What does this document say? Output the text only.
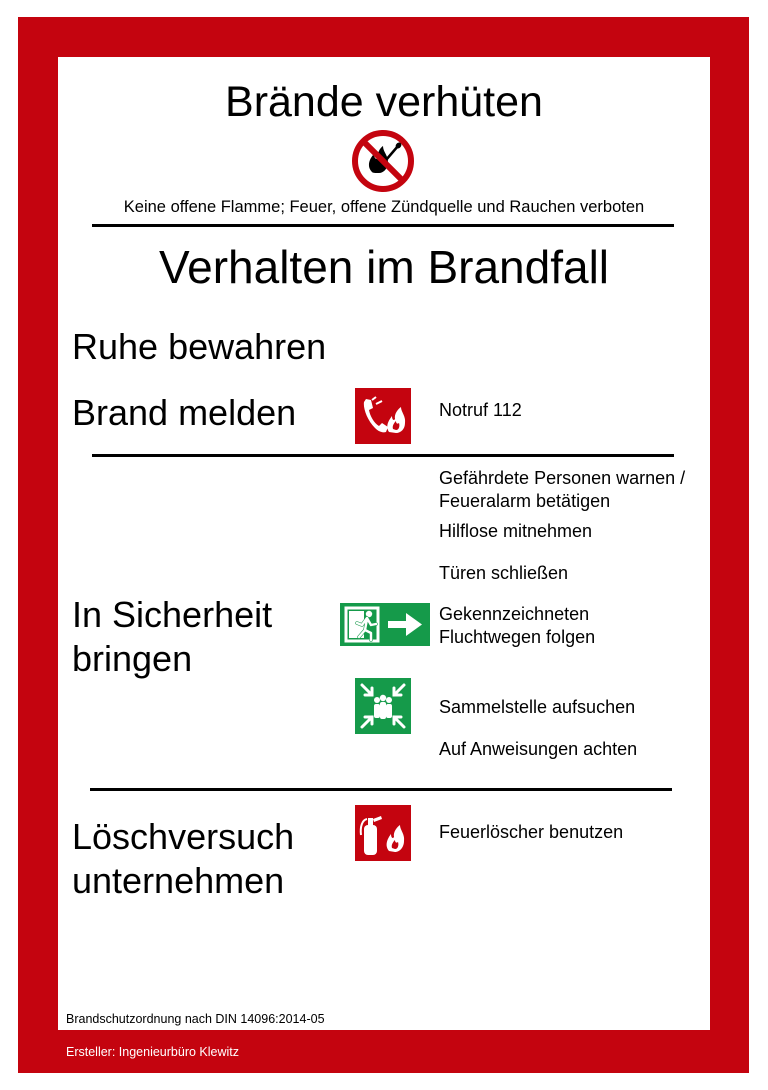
Brände verhüten
Keine offene Flamme; Feuer, offene Zündquelle und Rauchen verboten
Verhalten im Brandfall
Ruhe bewahren
Brand melden	Notruf 112
Gefährdete Personen warnen /
Feueralarm betätigen
Hilflose mitnehmen
Türen schließen
In Sicherheit
bringen
Gekennzeichneten
Fluchtwegen folgen
Sammelstelle aufsuchen
Auf Anweisungen achten
Löschversuch
unternehmen
Feuerlöscher benutzen
Brandschutzordnung nach DIN 14096:2014-05
Ersteller: Ingenieurbüro Klewitz
